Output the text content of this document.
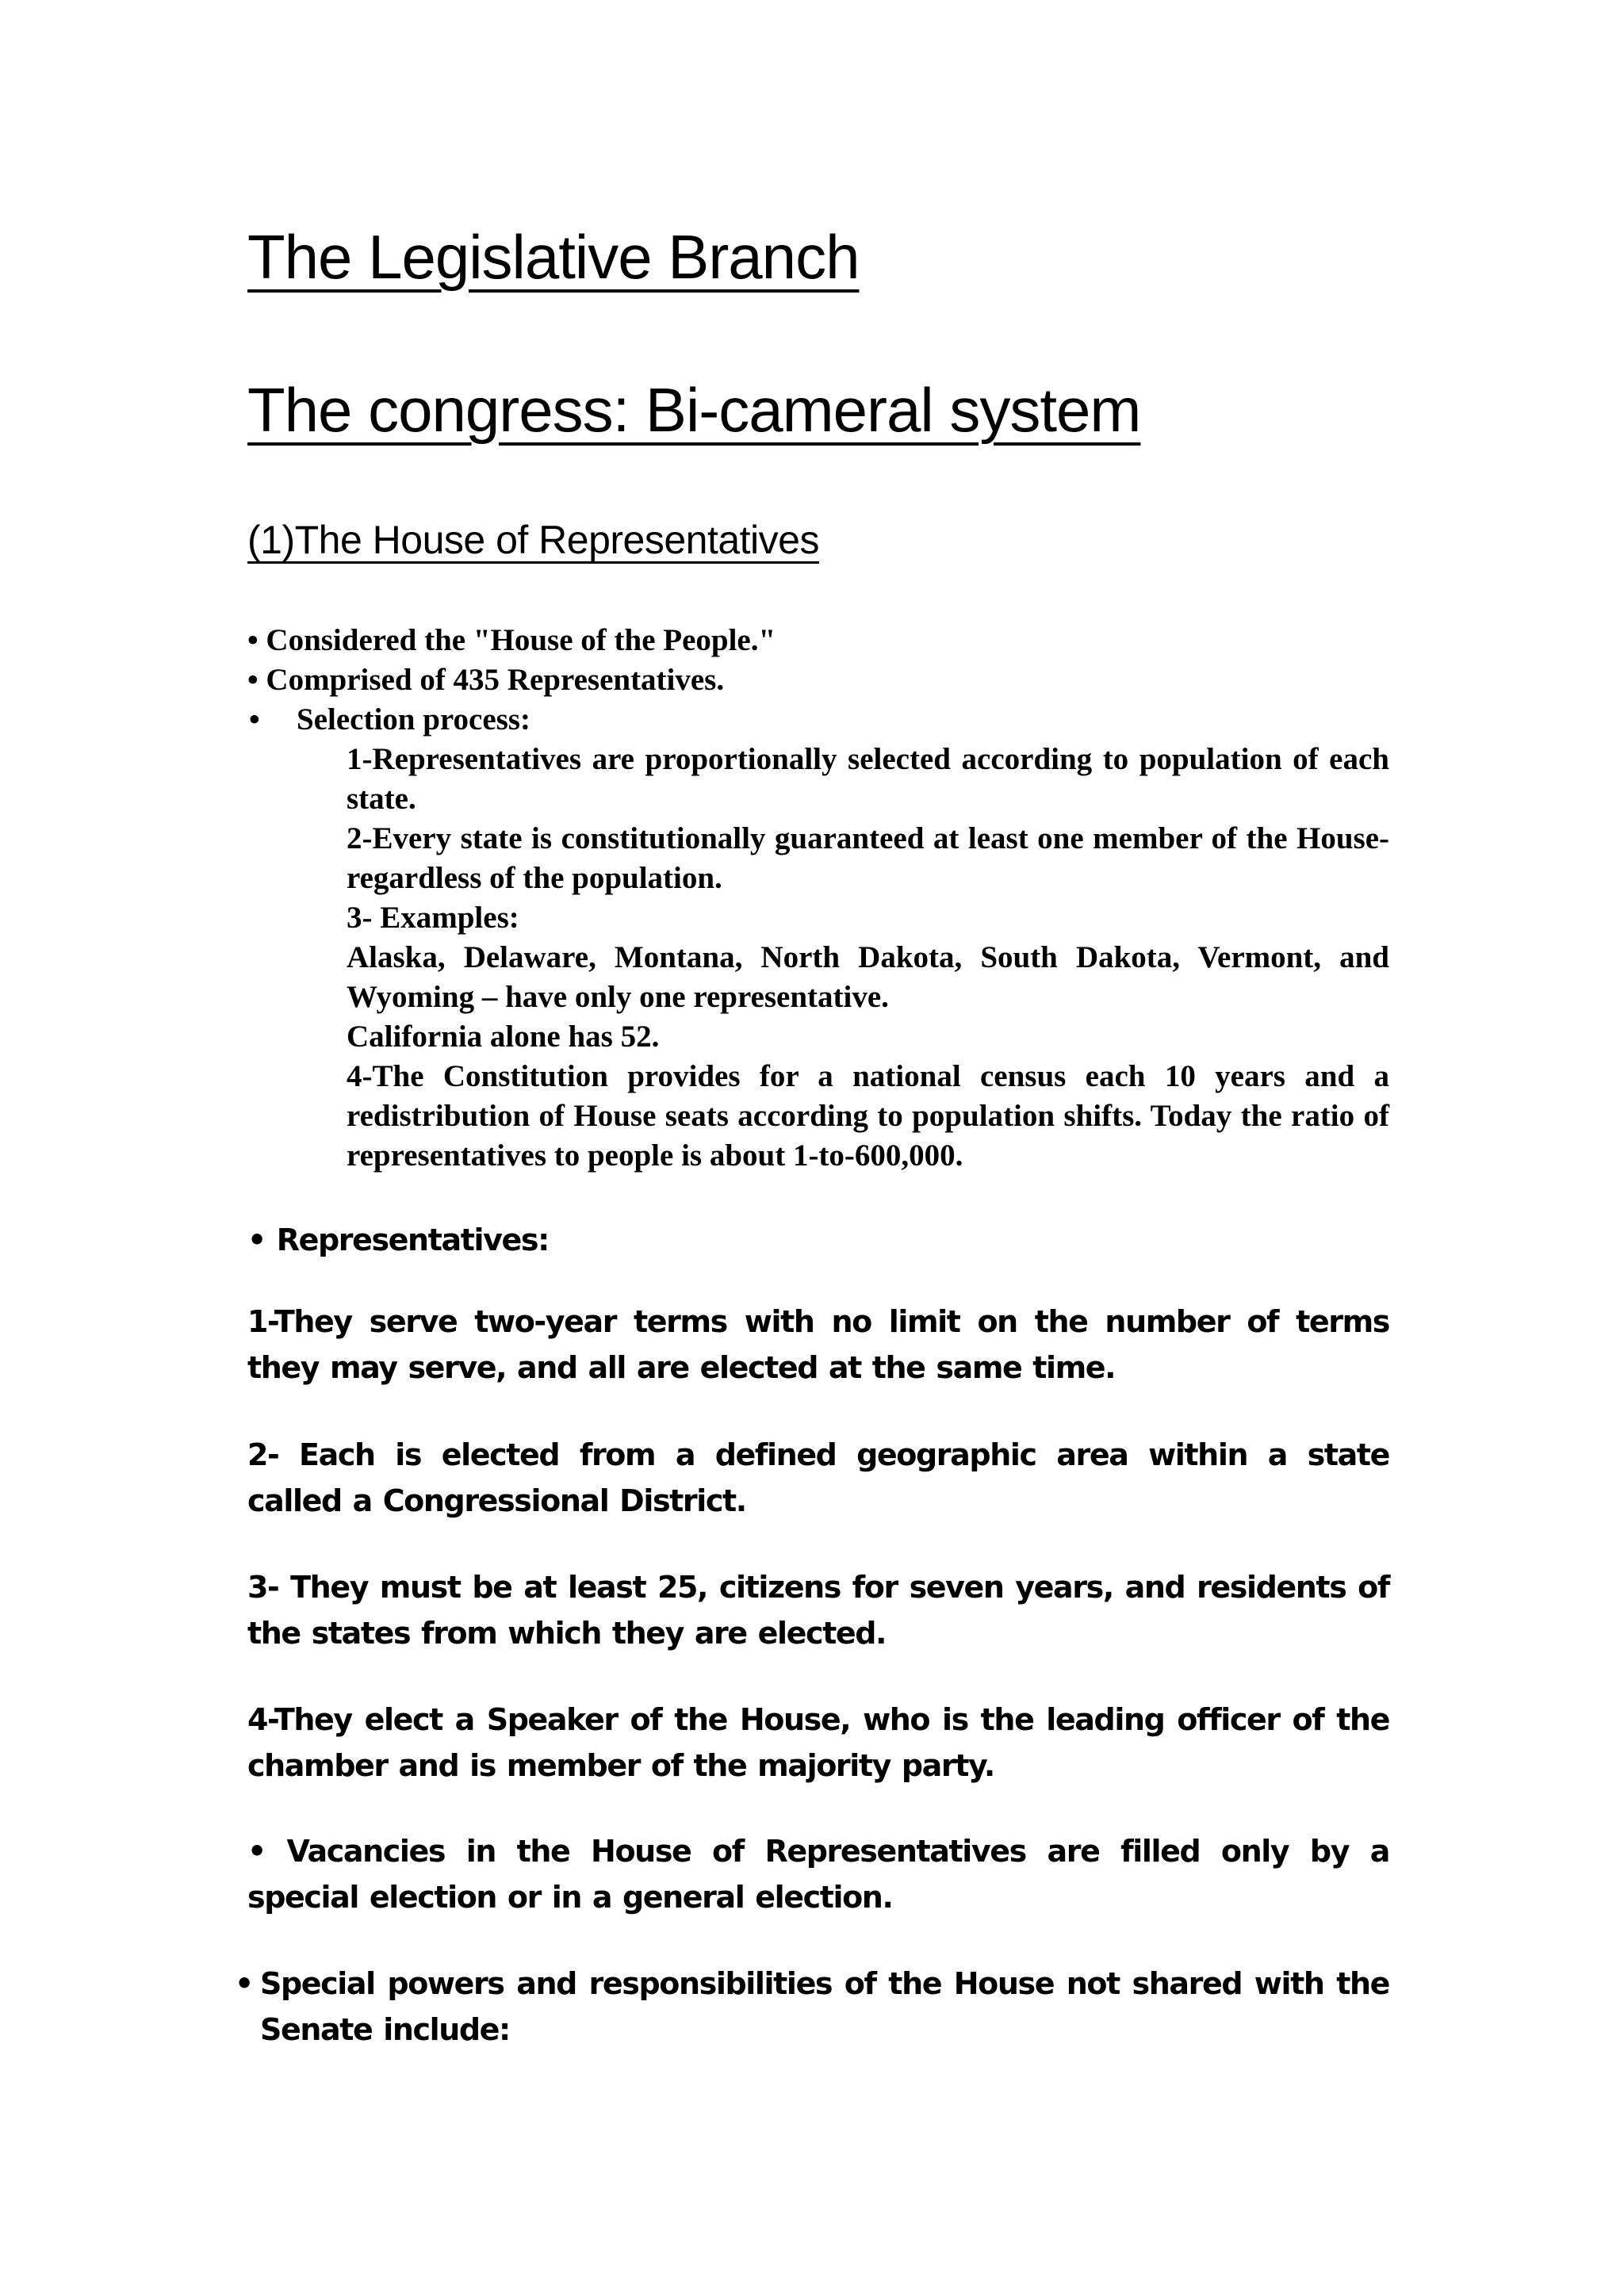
The Legislative Branch
The congress: Bi-cameral system
(1)The House of Representatives
• Considered the "House of the People."
• Comprised of 435 Representatives.
• Selection process:

1-Representatives are proportionally selected according to population of each state.

2-Every state is constitutionally guaranteed at least one member of the House- regardless of the population.

3- Examples:

Alaska, Delaware, Montana, North Dakota, South Dakota, Vermont, and Wyoming – have only one representative.

California alone has 52.

4-The Constitution provides for a national census each 10 years and a redistribution of House seats according to population shifts. Today the ratio of representatives to people is about 1-to-600,000.

• Representatives:

1-They serve two-year terms with no limit on the number of terms they may serve, and all are elected at the same time.

2- Each is elected from a defined geographic area within a state called a Congressional District.

3- They must be at least 25, citizens for seven years, and residents of the states from which they are elected.

4-They elect a Speaker of the House, who is the leading officer of the chamber and is member of the majority party.

• Vacancies in the House of Representatives are filled only by a special election or in a general election.

• Special powers and responsibilities of the House not shared with the Senate include:
